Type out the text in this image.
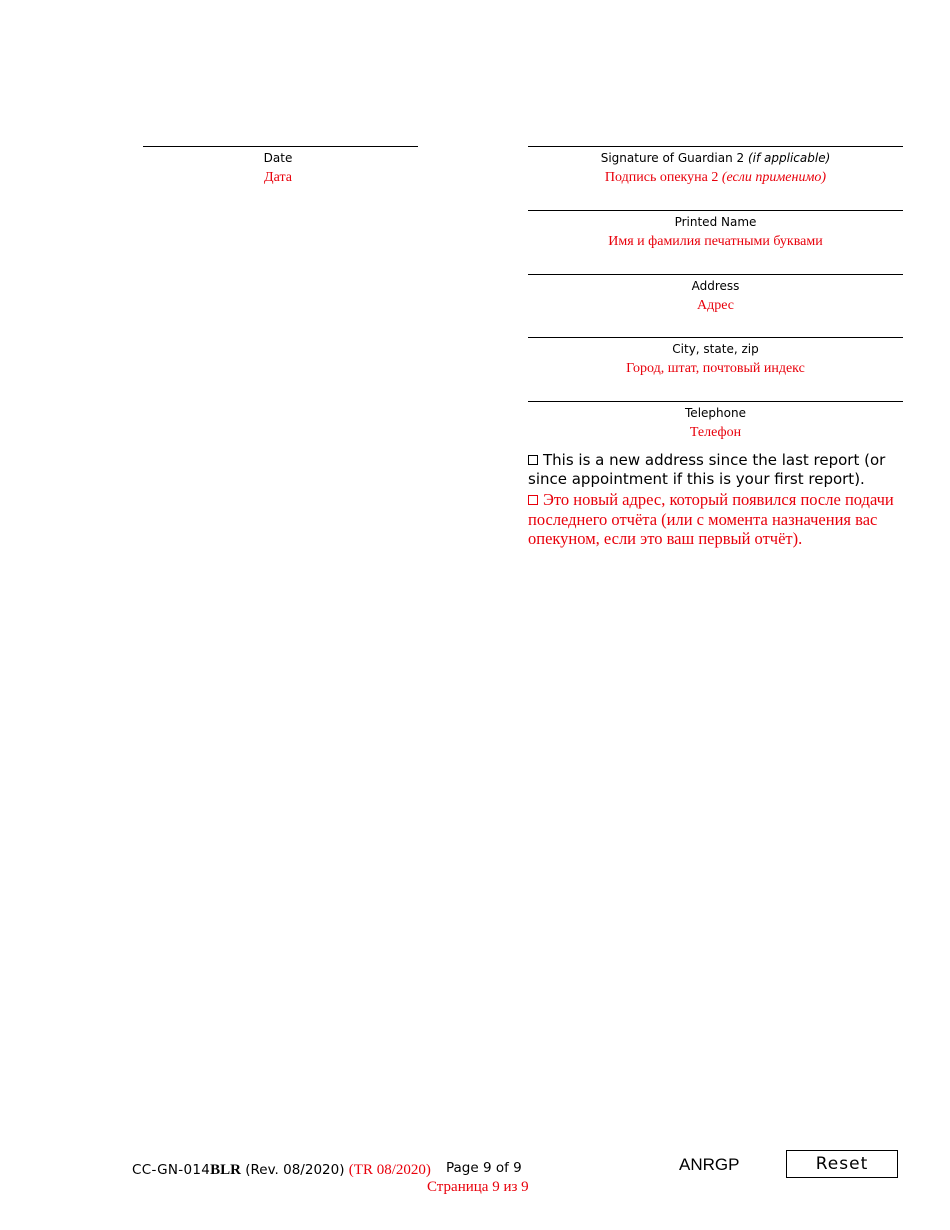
Date
Дата
Signature of Guardian 2 (if applicable)
Подпись опекуна 2 (если применимо)
Printed Name
Имя и фамилия печатными буквами
Address
Адрес
City, state, zip
Город, штат, почтовый индекс
Telephone
Телефон
This is a new address since the last report (or since appointment if this is your first report).
Это новый адрес, который появился после подачи последнего отчёта (или с момента назначения вас опекуном, если это ваш первый отчёт).
CC-GN-014BLR (Rev. 08/2020) (TR 08/2020) Page 9 of 9
Страница 9 из 9
ANRGP	Reset
